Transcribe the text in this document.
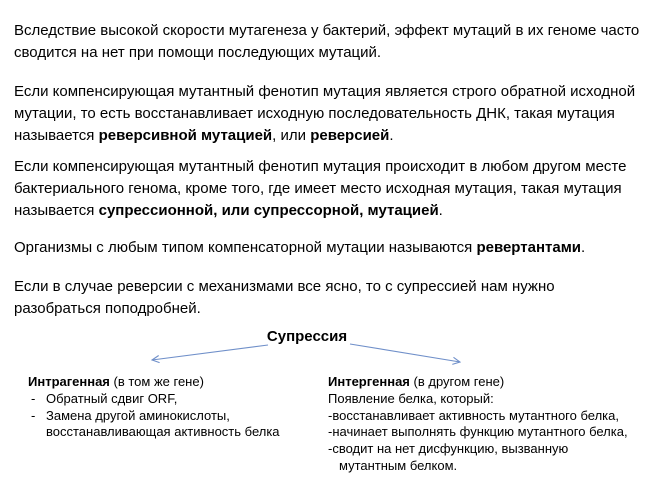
Вследствие высокой скорости мутагенеза у бактерий, эффект мутаций в их геноме часто
сводится на нет при помощи последующих мутаций.
Если компенсирующая мутантный фенотип мутация является строго обратной исходной
мутации, то есть восстанавливает исходную последовательность ДНК, такая мутация
называется реверсивной мутацией, или реверсией.
Если компенсирующая мутантный фенотип мутация происходит в любом другом месте
бактериального генома, кроме того, где имеет место исходная мутация, такая мутация
называется супрессионной, или супрессорной, мутацией.
Организмы с любым типом компенсаторной мутации называются ревертантами.
Если в случае реверсии с механизмами все ясно, то с супрессией нам нужно
разобраться поподробней.
Супрессия
Интрагенная (в том же гене)
- Обратный сдвиг ORF,
- Замена другой аминокислоты,
восстанавливающая активность белка
Интергенная (в другом гене)
Появление белка, который:
-восстанавливает активность мутантного белка,
-начинает выполнять функцию мутантного белка,
-сводит на нет дисфункцию, вызванную
мутантным белком.
